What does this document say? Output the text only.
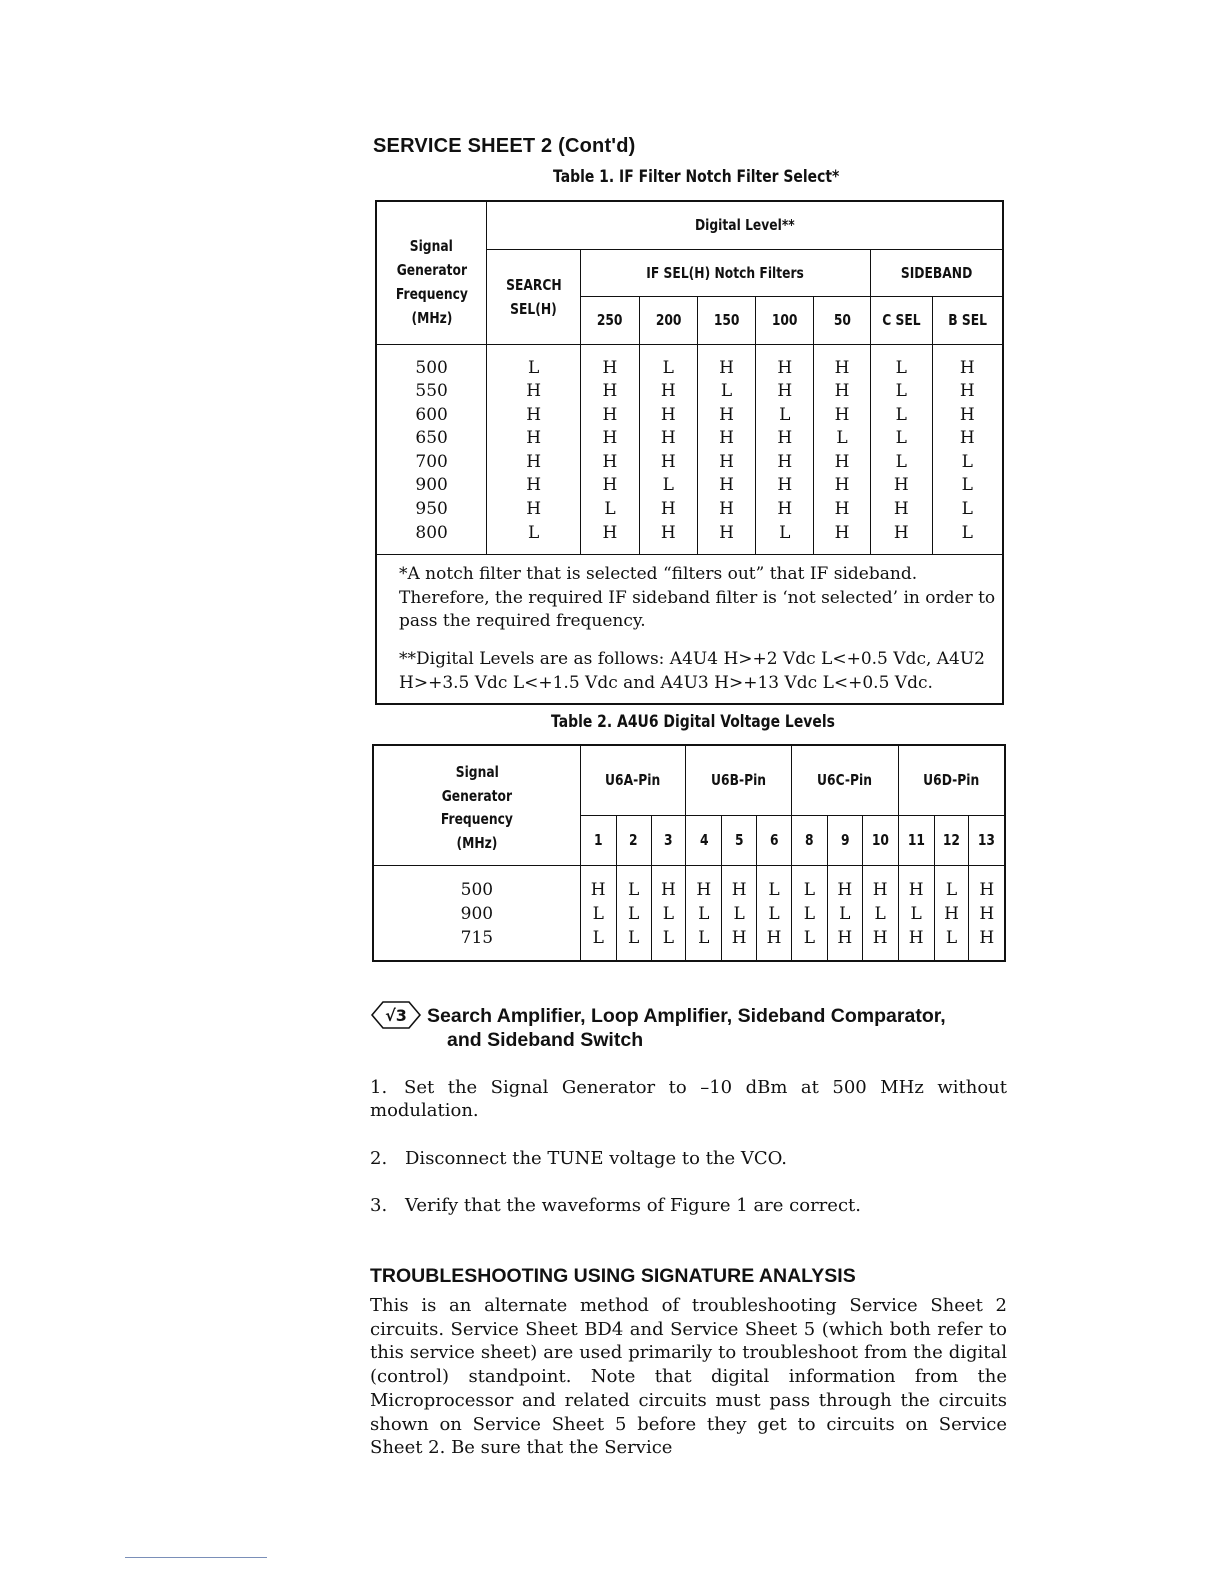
SERVICE SHEET 2 (Cont'd)
Table 1. IF Filter Notch Filter Select*
Signal
Generator
Frequency
(MHz)	Digital Level**							
	SEARCH
SEL(H)	IF SEL(H) Notch Filters					SIDEBAND	
		250	200	150	100	50	C SEL	B SEL
500	L	H	L	H	H	H	L	H
550	H	H	H	L	H	H	L	H
600	H	H	H	H	L	H	L	H
650	H	H	H	H	H	L	L	H
700	H	H	H	H	H	H	L	L
900	H	H	L	H	H	H	H	L
950	H	L	H	H	H	H	H	L
800	L	H	H	H	L	H	H	L

*A notch filter that is selected “filters out” that IF sideband. Therefore, the required IF sideband filter is ‘not selected’ in order to pass the required frequency.

**Digital Levels are as follows: A4U4 H>+2 Vdc L<+0.5 Vdc, A4U2 H>+3.5 Vdc L<+1.5 Vdc and A4U3 H>+13 Vdc L<+0.5 Vdc.								

Table 2. A4U6 Digital Voltage Levels
Signal
Generator
Frequency
(MHz)	U6A-Pin			U6B-Pin			U6C-Pin			U6D-Pin		
	1	2	3	4	5	6	8	9	10	11	12	13
500	H	L	H	H	H	L	L	H	H	H	L	H
900	L	L	L	L	L	L	L	L	L	L	H	H
715	L	L	L	L	H	H	L	H	H	H	L	H
√3 Search Amplifier, Loop Amplifier, Sideband Comparator,
and Sideband Switch
1. Set the Signal Generator to –10 dBm at 500 MHz without
modulation.
2. Disconnect the TUNE voltage to the VCO.
3. Verify that the waveforms of Figure 1 are correct.
TROUBLESHOOTING USING SIGNATURE ANALYSIS
This is an alternate method of troubleshooting Service Sheet 2 circuits. Service Sheet BD4 and Service Sheet 5 (which both refer to this service sheet) are used primarily to troubleshoot from the digital (control) standpoint. Note that digital information from the Microprocessor and related circuits must pass through the circuits shown on Service Sheet 5 before they get to circuits on Service Sheet 2. Be sure that the Service
